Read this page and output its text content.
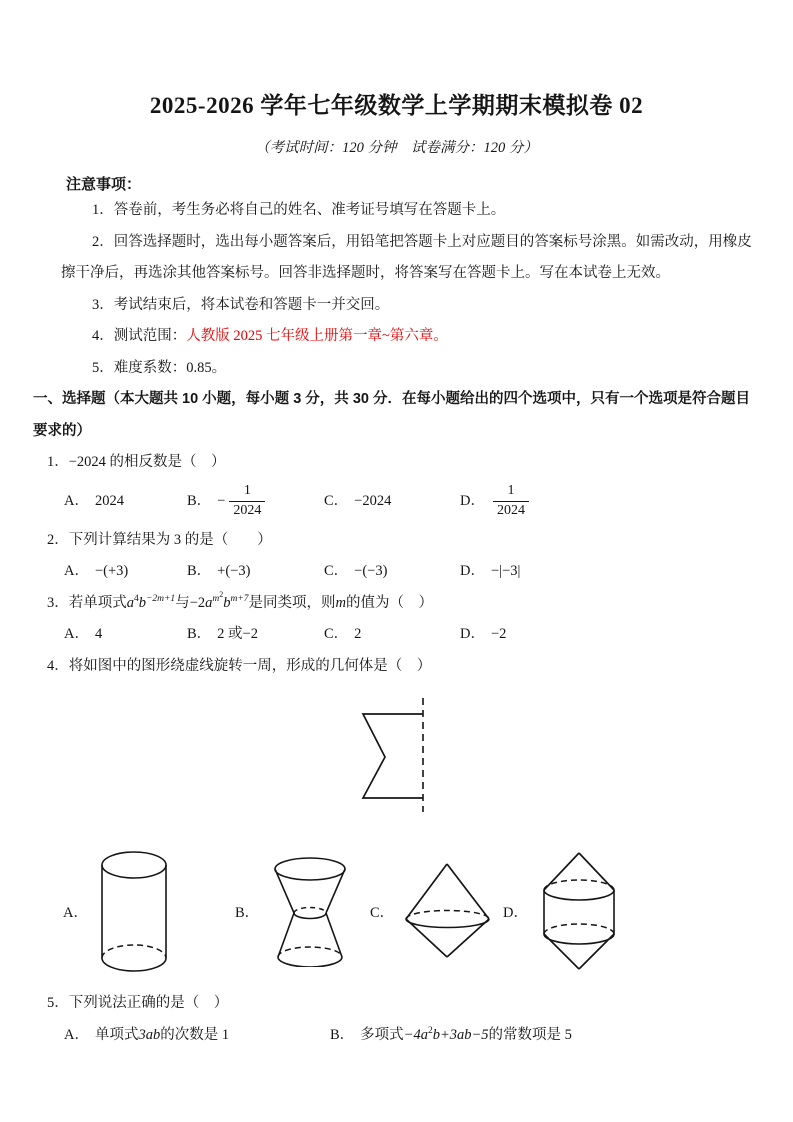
2025-2026 学年七年级数学上学期期末模拟卷 02
（考试时间：120 分钟　试卷满分：120 分）
注意事项：

1．答卷前，考生务必将自己的姓名、准考证号填写在答题卡上。

2．回答选择题时，选出每小题答案后，用铅笔把答题卡上对应题目的答案标号涂黑。如需改动，用橡皮擦干净后，再选涂其他答案标号。回答非选择题时，将答案写在答题卡上。写在本试卷上无效。

3．考试结束后，将本试卷和答题卡一并交回。

4．测试范围：人教版 2025 七年级上册第一章~第六章。

5．难度系数：0.85。

一、选择题（本大题共 10 小题，每小题 3 分，共 30 分．在每小题给出的四个选项中，只有一个选项是符合题目要求的）

1．−2024 的相反数是（　）

A． 2024	B． − $\frac{1}{2024}$	C． −2024	D． $\frac{1}{2024}$

2．下列计算结果为 3 的是（　　）

A． −(+3)	B． +(−3)	C． −(−3)	D． −|−3|

3．若单项式$a^4b^{-2m+1}$与$-2a^{m^2}b^{m+7}$是同类项，则m的值为（　）

A． 4	B． 2 或−2	C． 2	D． −2

4．将如图中的图形绕虚线旋转一周，形成的几何体是（　）

A．	B．	C．	D．

5．下列说法正确的是（　）

A． 单项式 3ab 的次数是 1	B． 多项式 $-4a^2b+3ab-5$ 的常数项是 5
